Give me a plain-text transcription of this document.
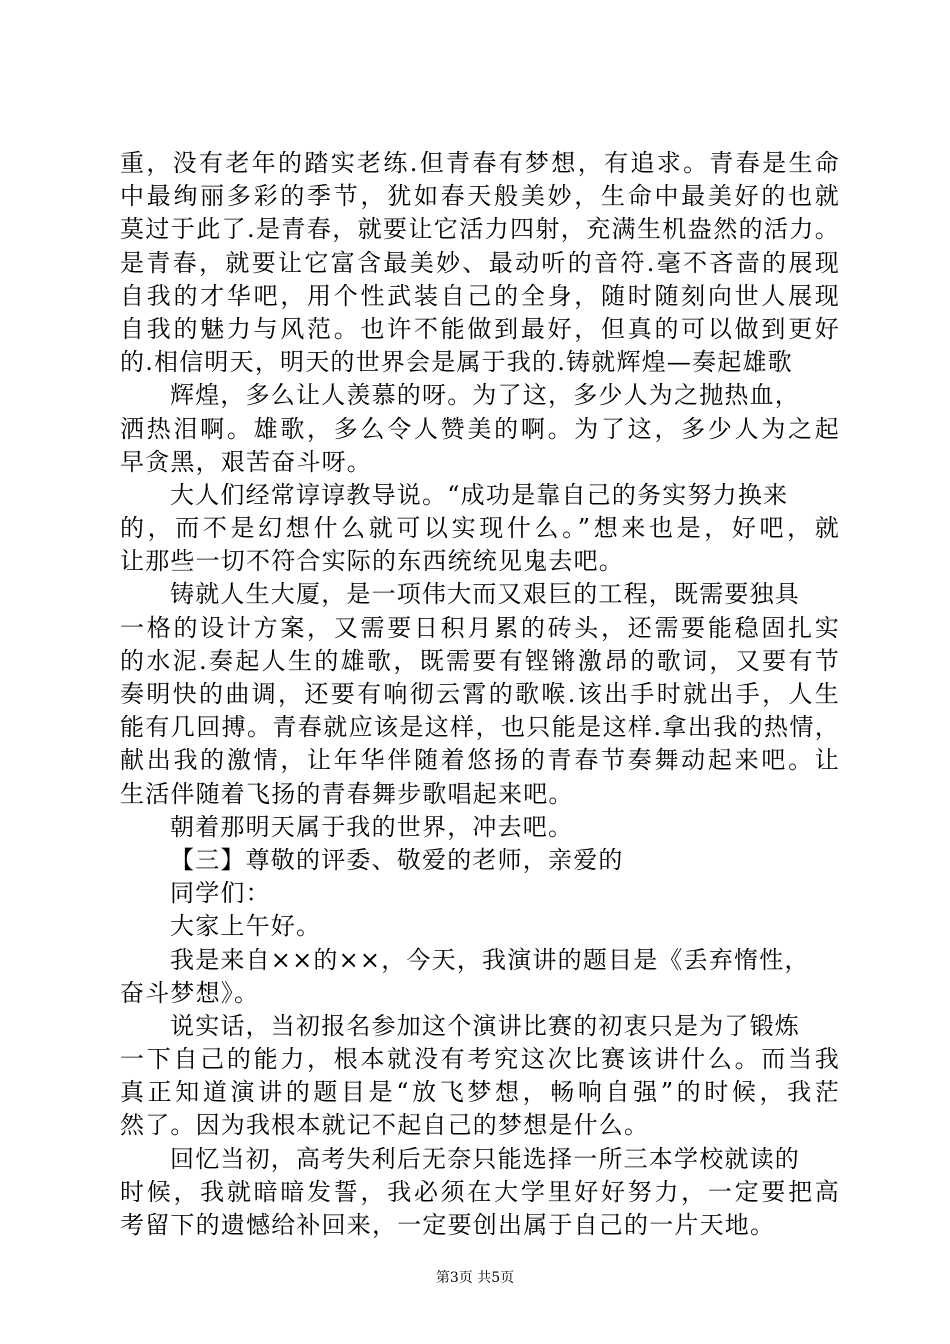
重，没有老年的踏实老练.但青春有梦想，有追求。青春是生命
中最绚丽多彩的季节，犹如春天般美妙，生命中最美好的也就
莫过于此了.是青春，就要让它活力四射，充满生机盎然的活力。
是青春，就要让它富含最美妙、最动听的音符.毫不吝啬的展现
自我的才华吧，用个性武装自己的全身，随时随刻向世人展现
自我的魅力与风范。也许不能做到最好，但真的可以做到更好
的.相信明天，明天的世界会是属于我的.铸就辉煌—奏起雄歌
辉煌，多么让人羡慕的呀。为了这，多少人为之抛热血，
洒热泪啊。雄歌，多么令人赞美的啊。为了这，多少人为之起
早贪黑，艰苦奋斗呀。
大人们经常谆谆教导说。“成功是靠自己的务实努力换来
的，而不是幻想什么就可以实现什么。”想来也是，好吧，就
让那些一切不符合实际的东西统统见鬼去吧。
铸就人生大厦，是一项伟大而又艰巨的工程，既需要独具
一格的设计方案，又需要日积月累的砖头，还需要能稳固扎实
的水泥.奏起人生的雄歌，既需要有铿锵激昂的歌词，又要有节
奏明快的曲调，还要有响彻云霄的歌喉.该出手时就出手，人生
能有几回搏。青春就应该是这样，也只能是这样.拿出我的热情，
献出我的激情，让年华伴随着悠扬的青春节奏舞动起来吧。让
生活伴随着飞扬的青春舞步歌唱起来吧。
朝着那明天属于我的世界，冲去吧。
【三】尊敬的评委、敬爱的老师，亲爱的
同学们：
大家上午好。
我是来自××的××，今天，我演讲的题目是《丢弃惰性，
奋斗梦想》。
说实话，当初报名参加这个演讲比赛的初衷只是为了锻炼
一下自己的能力，根本就没有考究这次比赛该讲什么。而当我
真正知道演讲的题目是“放飞梦想，畅响自强”的时候，我茫
然了。因为我根本就记不起自己的梦想是什么。
回忆当初，高考失利后无奈只能选择一所三本学校就读的
时候，我就暗暗发誓，我必须在大学里好好努力，一定要把高
考留下的遗憾给补回来，一定要创出属于自己的一片天地。
第3页 共5页
